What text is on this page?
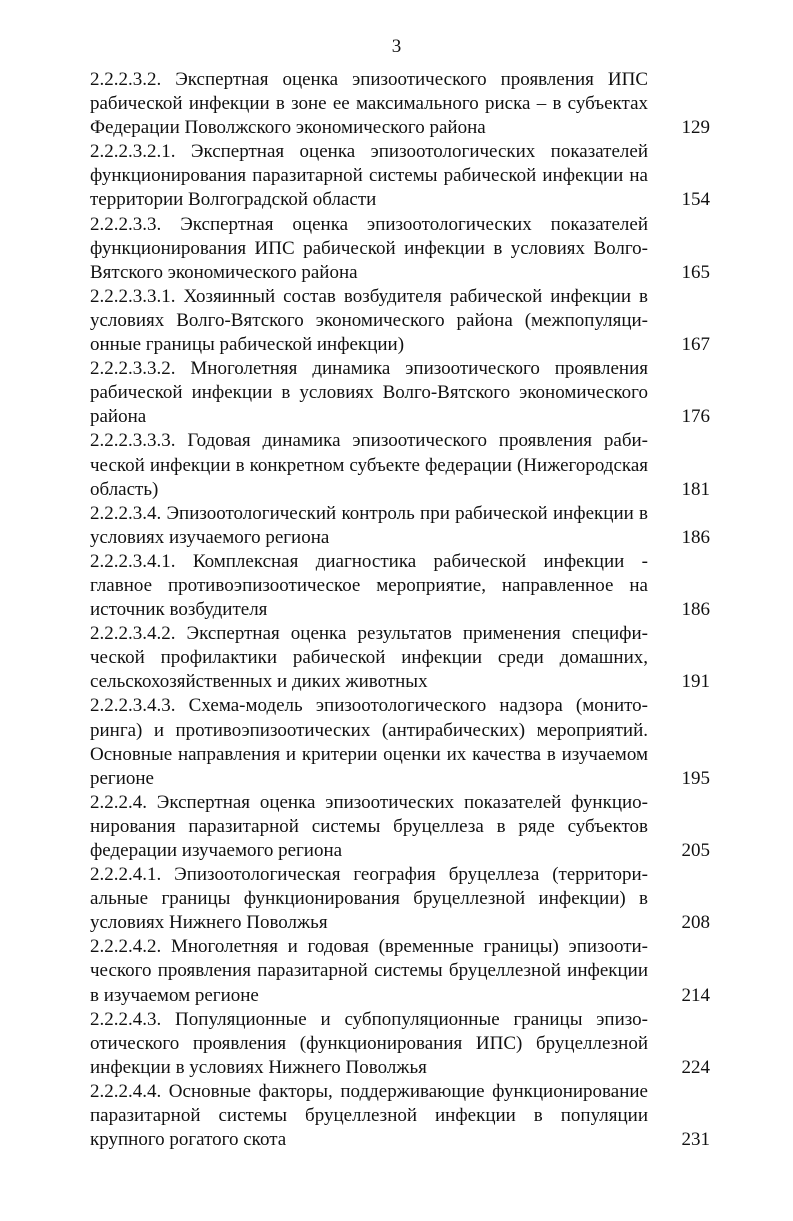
3
2.2.2.3.2. Экспертная оценка эпизоотического проявления ИПС рабической инфекции в зоне ее максимального риска – в субъектах Федерации Поволжского экономического района	129
2.2.2.3.2.1. Экспертная оценка эпизоотологических показателей функционирования паразитарной системы рабической инфекции на территории Волгоградской области	154
2.2.2.3.3. Экспертная оценка эпизоотологических показателей функционирования ИПС рабической инфекции в условиях ВолгоВятского экономического района	165
2.2.2.3.3.1. Хозяинный состав возбудителя рабической инфекции в условиях Волго-Вятского экономического района (межпопуляционные границы рабической инфекции)	167
2.2.2.3.3.2. Многолетняя динамика эпизоотического проявления рабической инфекции в условиях Волго-Вятского экономического района	176
2.2.2.3.3.3. Годовая динамика эпизоотического проявления рабической инфекции в конкретном субъекте федерации (Нижегородская область)	181
2.2.2.3.4. Эпизоотологический контроль при рабической инфекции в условиях изучаемого региона	186
2.2.2.3.4.1. Комплексная диагностика рабической инфекции - главное противоэпизоотическое мероприятие, направленное на источник возбудителя	186
2.2.2.3.4.2. Экспертная оценка результатов применения специфической профилактики рабической инфекции среди домашних, сельскохозяйственных и диких животных	191
2.2.2.3.4.3. Схема-модель эпизоотологического надзора (мониторинга) и противоэпизоотических (антирабических) мероприятий. Основные направления и критерии оценки их качества в изучаемом регионе	195
2.2.2.4. Экспертная оценка эпизоотических показателей функционирования паразитарной системы бруцеллеза в ряде субъектов федерации изучаемого региона	205
2.2.2.4.1. Эпизоотологическая география бруцеллеза (территориальные границы функционирования бруцеллезной инфекции) в условиях Нижнего Поволжья	208
2.2.2.4.2. Многолетняя и годовая (временные границы) эпизоотического проявления паразитарной системы бруцеллезной инфекции в изучаемом регионе	214
2.2.2.4.3. Популяционные и субпопуляционные границы эпизоотического проявления (функционирования ИПС) бруцеллезной инфекции в условиях Нижнего Поволжья	224
2.2.2.4.4. Основные факторы, поддерживающие функционирование паразитарной системы бруцеллезной инфекции в популяции крупного рогатого скота	231
